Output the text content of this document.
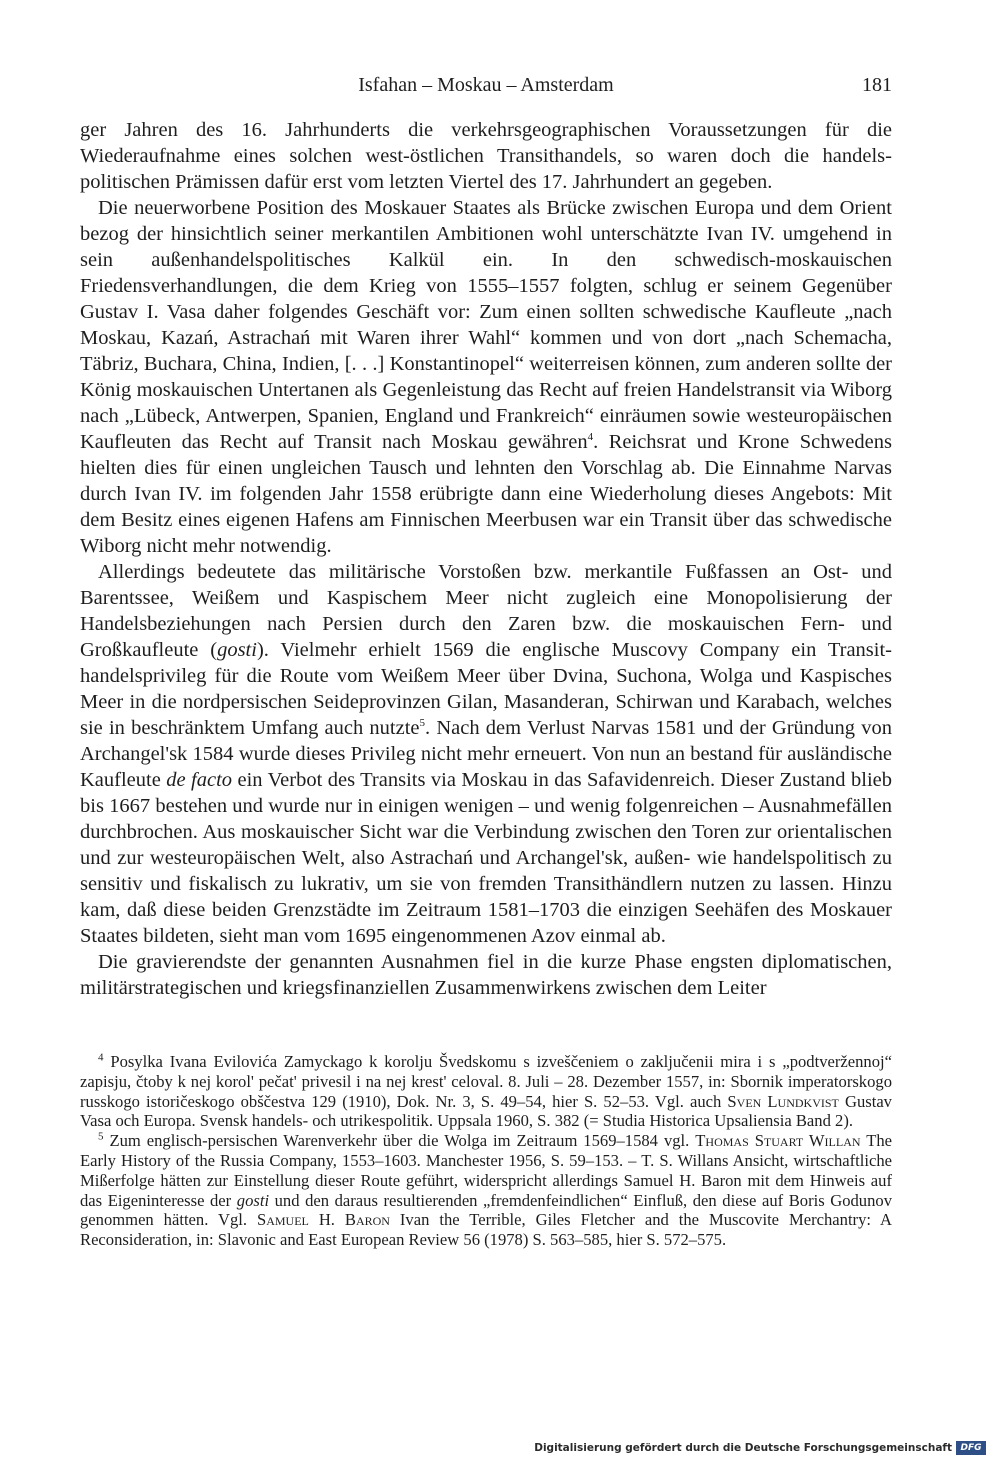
Isfahan – Moskau – Amsterdam	181

ger Jahren des 16. Jahrhunderts die verkehrsgeographischen Voraussetzungen für die Wiederaufnahme eines solchen west-östlichen Transithandels, so waren doch die handelspolitischen Prämissen dafür erst vom letzten Viertel des 17. Jahrhundert an gegeben.

Die neuerworbene Position des Moskauer Staates als Brücke zwischen Europa und dem Orient bezog der hinsichtlich seiner merkantilen Ambitionen wohl unterschätzte Ivan IV. umgehend in sein außenhandelspolitisches Kalkül ein. In den schwedisch-moskauischen Friedensverhandlungen, die dem Krieg von 1555–1557 folgten, schlug er seinem Gegenüber Gustav I. Vasa daher folgendes Geschäft vor: Zum einen sollten schwedische Kaufleute „nach Moskau, Kazań, Astrachań mit Waren ihrer Wahl“ kommen und von dort „nach Schemacha, Täbriz, Buchara, China, Indien, [. . .] Konstantinopel“ weiterreisen können, zum anderen sollte der König moskauischen Untertanen als Gegenleistung das Recht auf freien Handelstransit via Wiborg nach „Lübeck, Antwerpen, Spanien, England und Frankreich“ einräumen sowie westeuropäischen Kaufleuten das Recht auf Transit nach Moskau gewähren$^4$. Reichsrat und Krone Schwedens hielten dies für einen ungleichen Tausch und lehnten den Vorschlag ab. Die Einnahme Narvas durch Ivan IV. im folgenden Jahr 1558 erübrigte dann eine Wiederholung dieses Angebots: Mit dem Besitz eines eigenen Hafens am Finnischen Meerbusen war ein Transit über das schwedische Wiborg nicht mehr notwendig.

Allerdings bedeutete das militärische Vorstoßen bzw. merkantile Fußfassen an Ost- und Barentssee, Weißem und Kaspischem Meer nicht zugleich eine Monopolisierung der Handelsbeziehungen nach Persien durch den Zaren bzw. die moskauischen Fern- und Großkaufleute (gosti). Vielmehr erhielt 1569 die englische Muscovy Company ein Transithandelsprivileg für die Route vom Weißem Meer über Dvina, Suchona, Wolga und Kaspisches Meer in die nordpersischen Seideprovinzen Gilan, Masanderan, Schirwan und Karabach, welches sie in beschränktem Umfang auch nutzte$^5$. Nach dem Verlust Narvas 1581 und der Gründung von Archangel'sk 1584 wurde dieses Privileg nicht mehr erneuert. Von nun an bestand für ausländische Kaufleute de facto ein Verbot des Transits via Moskau in das Safavidenreich. Dieser Zustand blieb bis 1667 bestehen und wurde nur in einigen wenigen – und wenig folgenreichen – Ausnahmefällen durchbrochen. Aus moskauischer Sicht war die Verbindung zwischen den Toren zur orientalischen und zur westeuropäischen Welt, also Astrachań und Archangel'sk, außen- wie handelspolitisch zu sensitiv und fiskalisch zu lukrativ, um sie von fremden Transithändlern nutzen zu lassen. Hinzu kam, daß diese beiden Grenzstädte im Zeitraum 1581–1703 die einzigen Seehäfen des Moskauer Staates bildeten, sieht man vom 1695 eingenommenen Azov einmal ab.

Die gravierendste der genannten Ausnahmen fiel in die kurze Phase engsten diplomatischen, militärstrategischen und kriegsfinanziellen Zusammenwirkens zwischen dem Leiter

$^4$ Posylka Ivana Evilovića Zamyckago k korolju Švedskomu s izveščeniem o zaključenii mira i s „podtveržennoj“ zapisju, čtoby k nej korol' pečat' privesil i na nej krest' celoval. 8. Juli – 28. Dezember 1557, in: Sbornik imperatorskogo russkogo istoričeskogo obščestva 129 (1910), Dok. Nr. 3, S. 49–54, hier S. 52–53. Vgl. auch Sven Lundkvist Gustav Vasa och Europa. Svensk handels- och utrikespolitik. Uppsala 1960, S. 382 (= Studia Historica Upsaliensia Band 2).

$^5$ Zum englisch-persischen Warenverkehr über die Wolga im Zeitraum 1569–1584 vgl. Thomas Stuart Willan The Early History of the Russia Company, 1553–1603. Manchester 1956, S. 59–153. – T. S. Willans Ansicht, wirtschaftliche Mißerfolge hätten zur Einstellung dieser Route geführt, widerspricht allerdings Samuel H. Baron mit dem Hinweis auf das Eigeninteresse der gosti und den daraus resultierenden „fremdenfeindlichen“ Einfluß, den diese auf Boris Godunov genommen hätten. Vgl. Samuel H. Baron Ivan the Terrible, Giles Fletcher and the Muscovite Merchantry: A Reconsideration, in: Slavonic and East European Review 56 (1978) S. 563–585, hier S. 572–575.

Digitalisierung gefördert durch die Deutsche Forschungsgemeinschaft DFG
